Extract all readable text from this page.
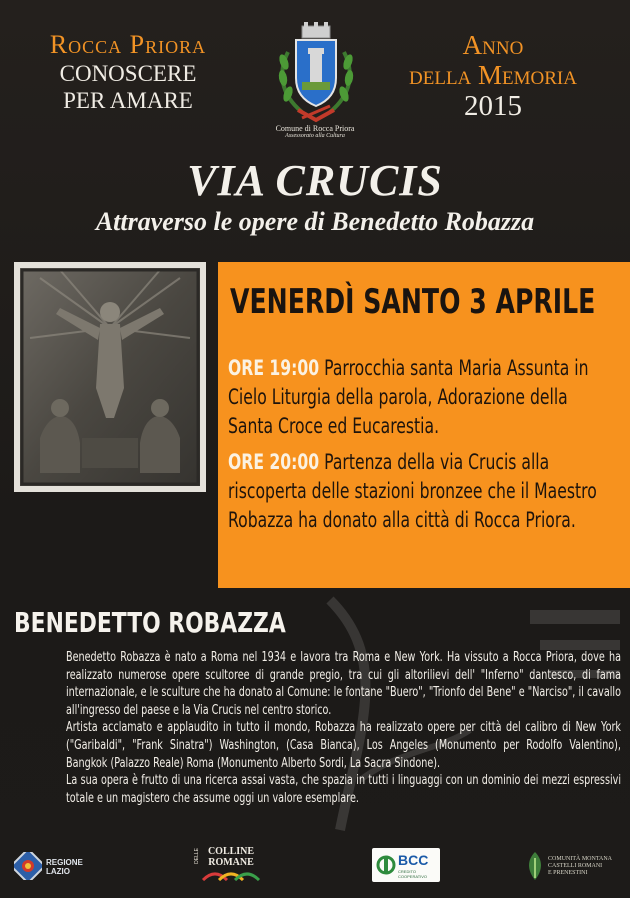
Rocca Priora
CONOSCERE
PER AMARE
Comune di Rocca Priora
Assessorato alla Cultura
Anno
della Memoria
2015
VIA CRUCIS
Attraverso le opere di Benedetto Robazza
VENERDÌ SANTO 3 APRILE
ORE 19:00 Parrocchia santa Maria Assunta in Cielo Liturgia della parola, Adorazione della Santa Croce ed Eucarestia.
ORE 20:00 Partenza della via Crucis alla riscoperta delle stazioni bronzee che il Maestro Robazza ha donato alla città di Rocca Priora.
BENEDETTO ROBAZZA

Benedetto Robazza è nato a Roma nel 1934 e lavora tra Roma e New York. Ha vissuto a Rocca Priora, dove ha realizzato numerose opere scultoree di grande pregio, tra cui gli altorilievi dell' "Inferno" dantesco, di fama internazionale, e le sculture che ha donato al Comune: le fontane "Buero", "Trionfo del Bene" e "Narciso", il cavallo all'ingresso del paese e la Via Crucis nel centro storico.

Artista acclamato e applaudito in tutto il mondo, Robazza ha realizzato opere per città del calibro di New York ("Garibaldi", "Frank Sinatra") Washington, (Casa Bianca), Los Angeles (Monumento per Rodolfo Valentino), Bangkok (Palazzo Reale) Roma (Monumento Alberto Sordi, La Sacra Sindone).

La sua opera è frutto di una ricerca assai vasta, che spazia in tutti i linguaggi con un dominio dei mezzi espressivi totale e un magistero che assume oggi un valore esemplare.

REGIONE
LAZIO
DELLE COLLINE
ROMANE	BCC
CREDITO COOPERATIVO
COMUNITÀ MONTANA
CASTELLI ROMANI
E PRENESTINI
